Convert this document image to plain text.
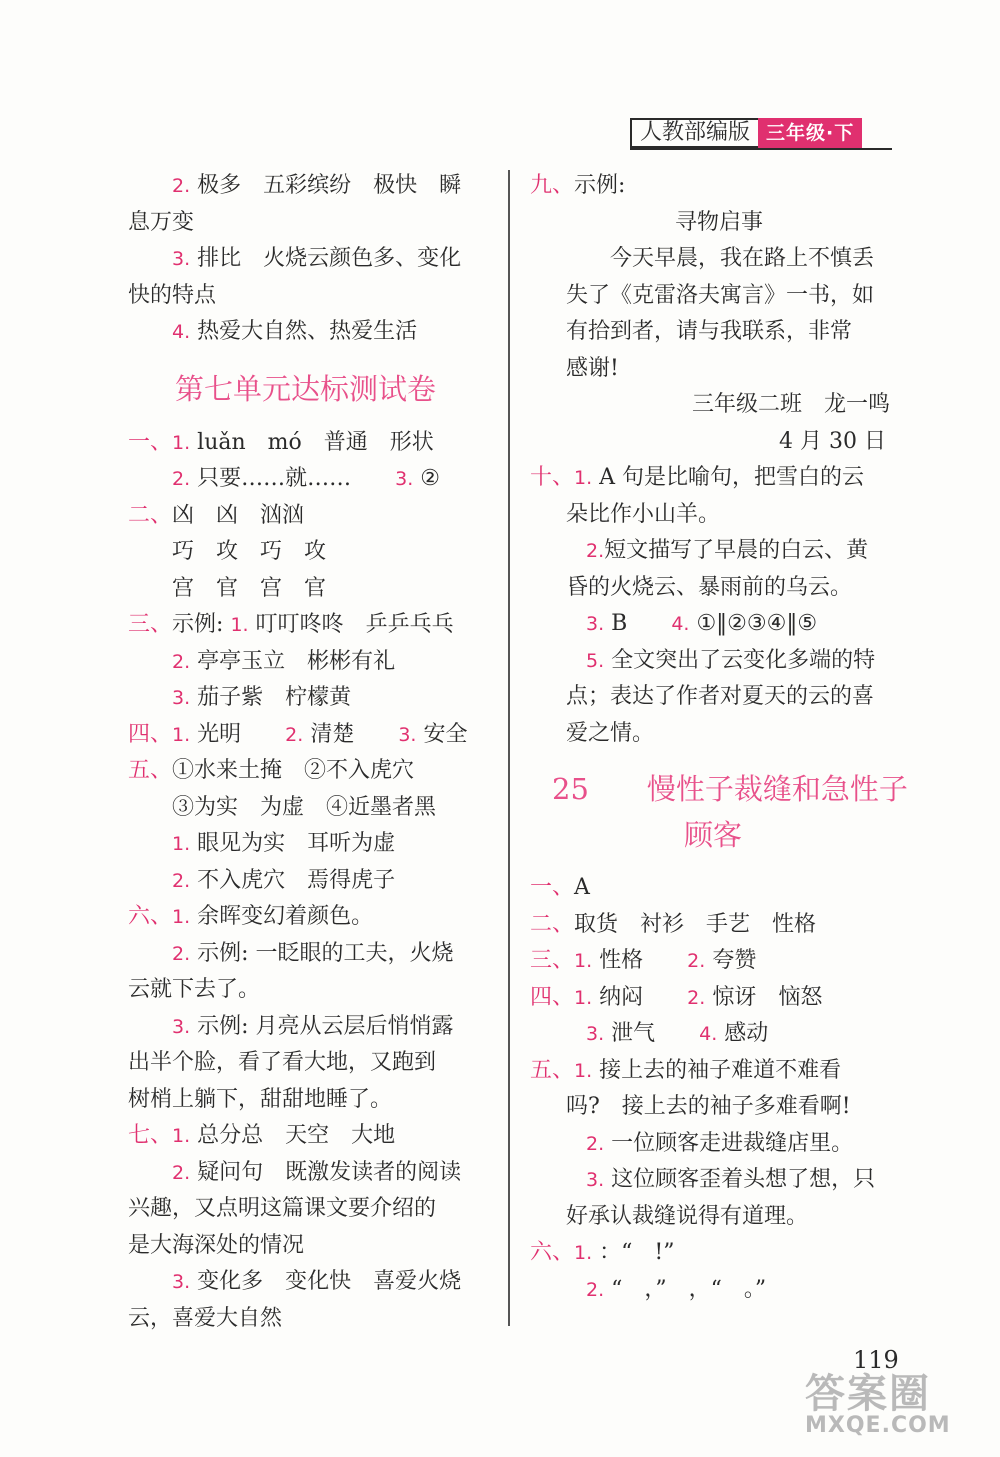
人教部编版 三年级·下
2. 极多　五彩缤纷　极快　瞬
息万变
3. 排比　火烧云颜色多、变化
快的特点
4. 热爱大自然、热爱生活
第七单元达标测试卷
一、1. luǎn　mó　普通　形状
2. 只要……就…… 3. ②
二、凶　凶　汹汹
巧　攻　巧　攻
宫　官　宫　官
三、示例: 1. 叮叮咚咚　乒乒乓乓
2. 亭亭玉立　彬彬有礼
3. 茄子紫　柠檬黄
四、1. 光明 2. 清楚 3. 安全
五、①水来土掩　②不入虎穴
③为实　为虚　④近墨者黑
1. 眼见为实　耳听为虚
2. 不入虎穴　焉得虎子
六、1. 余晖变幻着颜色。
2. 示例: 一眨眼的工夫，火烧
云就下去了。
3. 示例: 月亮从云层后悄悄露
出半个脸，看了看大地，又跑到
树梢上躺下，甜甜地睡了。
七、1. 总分总　天空　大地
2. 疑问句　既激发读者的阅读
兴趣，又点明这篇课文要介绍的
是大海深处的情况
3. 变化多　变化快　喜爱火烧
云，喜爱大自然
九、示例:
寻物启事
今天早晨，我在路上不慎丢
失了《克雷洛夫寓言》一书，如
有拾到者，请与我联系，非常
感谢!
三年级二班　龙一鸣
4 月 30 日
十、1. A 句是比喻句，把雪白的云
朵比作小山羊。
2.短文描写了早晨的白云、黄
昏的火烧云、暴雨前的乌云。
3. B 4. ①‖②③④‖⑤
5. 全文突出了云变化多端的特
点；表达了作者对夏天的云的喜
爱之情。
25 慢性子裁缝和急性子
顾客
一、A
二、取货　衬衫　手艺　性格
三、1. 性格 2. 夸赞
四、1. 纳闷 2. 惊讶　恼怒
3. 泄气 4. 感动
五、1. 接上去的袖子难道不难看
吗?　接上去的袖子多难看啊!
2. 一位顾客走进裁缝店里。
3. 这位顾客歪着头想了想，只
好承认裁缝说得有道理。
六、1. ：“　!”
2. “　，”　，“　。”
119
答案圈
MXQE.COM
